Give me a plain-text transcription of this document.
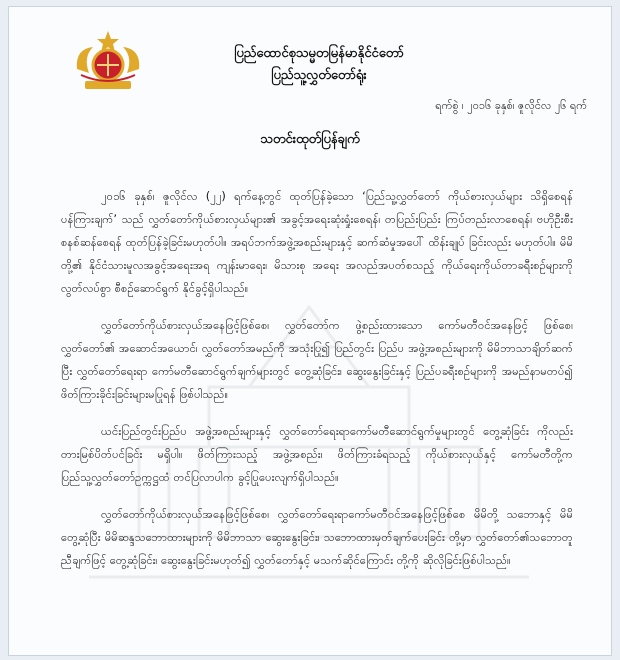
ပြည်ထောင်စုသမ္မတမြန်မာနိုင်ငံတော်
ပြည်သူ့လွှတ်တော်ရုံး
ရက်စွဲ ၊ ၂၀၁၆ ခုနှစ်၊ ဇူလိုင်လ ၂၆ ရက်
သတင်းထုတ်ပြန်ချက်

၂၀၁၆ ခုနှစ်၊ ဇူလိုင်လ (၂၂) ရက်နေ့တွင် ထုတ်ပြန်ခဲ့သော ‘ပြည်သူ့လွှတ်တော် ကိုယ်စားလှယ်များ သိရှိစေရန် ပန်ကြားချက်’ သည် လွှတ်တော်ကိုယ်စားလှယ်များ၏ အခွင့်အရေးဆုံးရှုံးစေရန်၊ တပြည်းပြည်း ကြပ်တည်းလာစေရန်၊ ဗဟိုဦးစီးစနစ်ဆန်စေရန် ထုတ်ပြန်ခဲ့ခြင်းမဟုတ်ပါ။ အရပ်ဘက်အဖွဲ့အစည်းများနှင့် ဆက်ဆံမှုအပေါ် ထိန်းချုပ် ခြင်းလည်း မဟုတ်ပါ။ မိမိတို့၏ နိုင်ငံသားမူလအခွင့်အရေးအရ ကျန်းမာရေး၊ မိသားစု အရေး အလည်အပတ်စသည့် ကိုယ်ရေးကိုယ်တာခရီးစဉ်များကို လွတ်လပ်စွာ စီစဉ်ဆောင်ရွက် နိုင်ခွင့်ရှိပါသည်။

လွှတ်တော်ကိုယ်စားလှယ်အနေဖြင့်ဖြစ်စေ၊ လွှတ်တော်က ဖွဲ့စည်းထားသော ကော်မတီဝင်အနေဖြင့် ဖြစ်စေ၊ လွှတ်တော်၏ အဆောင်အယောင်၊ လွှတ်တော်အမည်ကို အသုံးပြု၍ ပြည်တွင်း ပြည်ပ အဖွဲ့အစည်းများကို မိမိဘာသာချိတ်ဆက်ပြီး လွှတ်တော်ရေးရာ ကော်မတီဆောင်ရွက်ချက်များတွင် တွေ့ဆုံခြင်း၊ ဆွေးနွေးခြင်းနှင့် ပြည်ပခရီးစဉ်များကို အမည်နာမတပ်၍ ဖိတ်ကြားခိုင်းခြင်းများမပြုရန် ဖြစ်ပါသည်။

ယင်းပြည်တွင်းပြည်ပ အဖွဲ့အစည်းများနှင့် လွှတ်တော်ရေးရာကော်မတီဆောင်ရွက်မှုများတွင် တွေ့ဆုံခြင်း ကိုလည်း တားမြစ်ပိတ်ပင်ခြင်း မရှိပါ။ ဖိတ်ကြားသည့် အဖွဲ့အစည်း၊ ဖိတ်ကြားခံရသည့် ကိုယ်စားလှယ်နှင့် ကော်မတီတို့က ပြည်သူ့လွှတ်တော်ဥက္ကဋ္ဌထံ တင်ပြလာပါက ခွင့်ပြုပေးလျက်ရှိပါသည်။

လွှတ်တော်ကိုယ်စားလှယ်အနေဖြင့်ဖြစ်စေ၊ လွှတ်တော်ရေးရာကော်မတီဝင်အနေဖြင့်ဖြစ်စေ မိမိတို့ သဘောနှင့် မိမိတွေ့ဆုံပြီး မိမိဆန္ဒသဘောထားများကို မိမိဘာသာ ဆွေးနွေးခြင်း၊ သဘောထားမှတ်ချက်ပေးခြင်း တို့မှာ လွှတ်တော်၏သဘောတူညီချက်ဖြင့် တွေ့ဆုံခြင်း၊ ဆွေးနွေးခြင်းမဟုတ်၍ လွှတ်တော်နှင့် မသက်ဆိုင်ကြောင်း တို့ကို ဆိုလိုခြင်းဖြစ်ပါသည်။
